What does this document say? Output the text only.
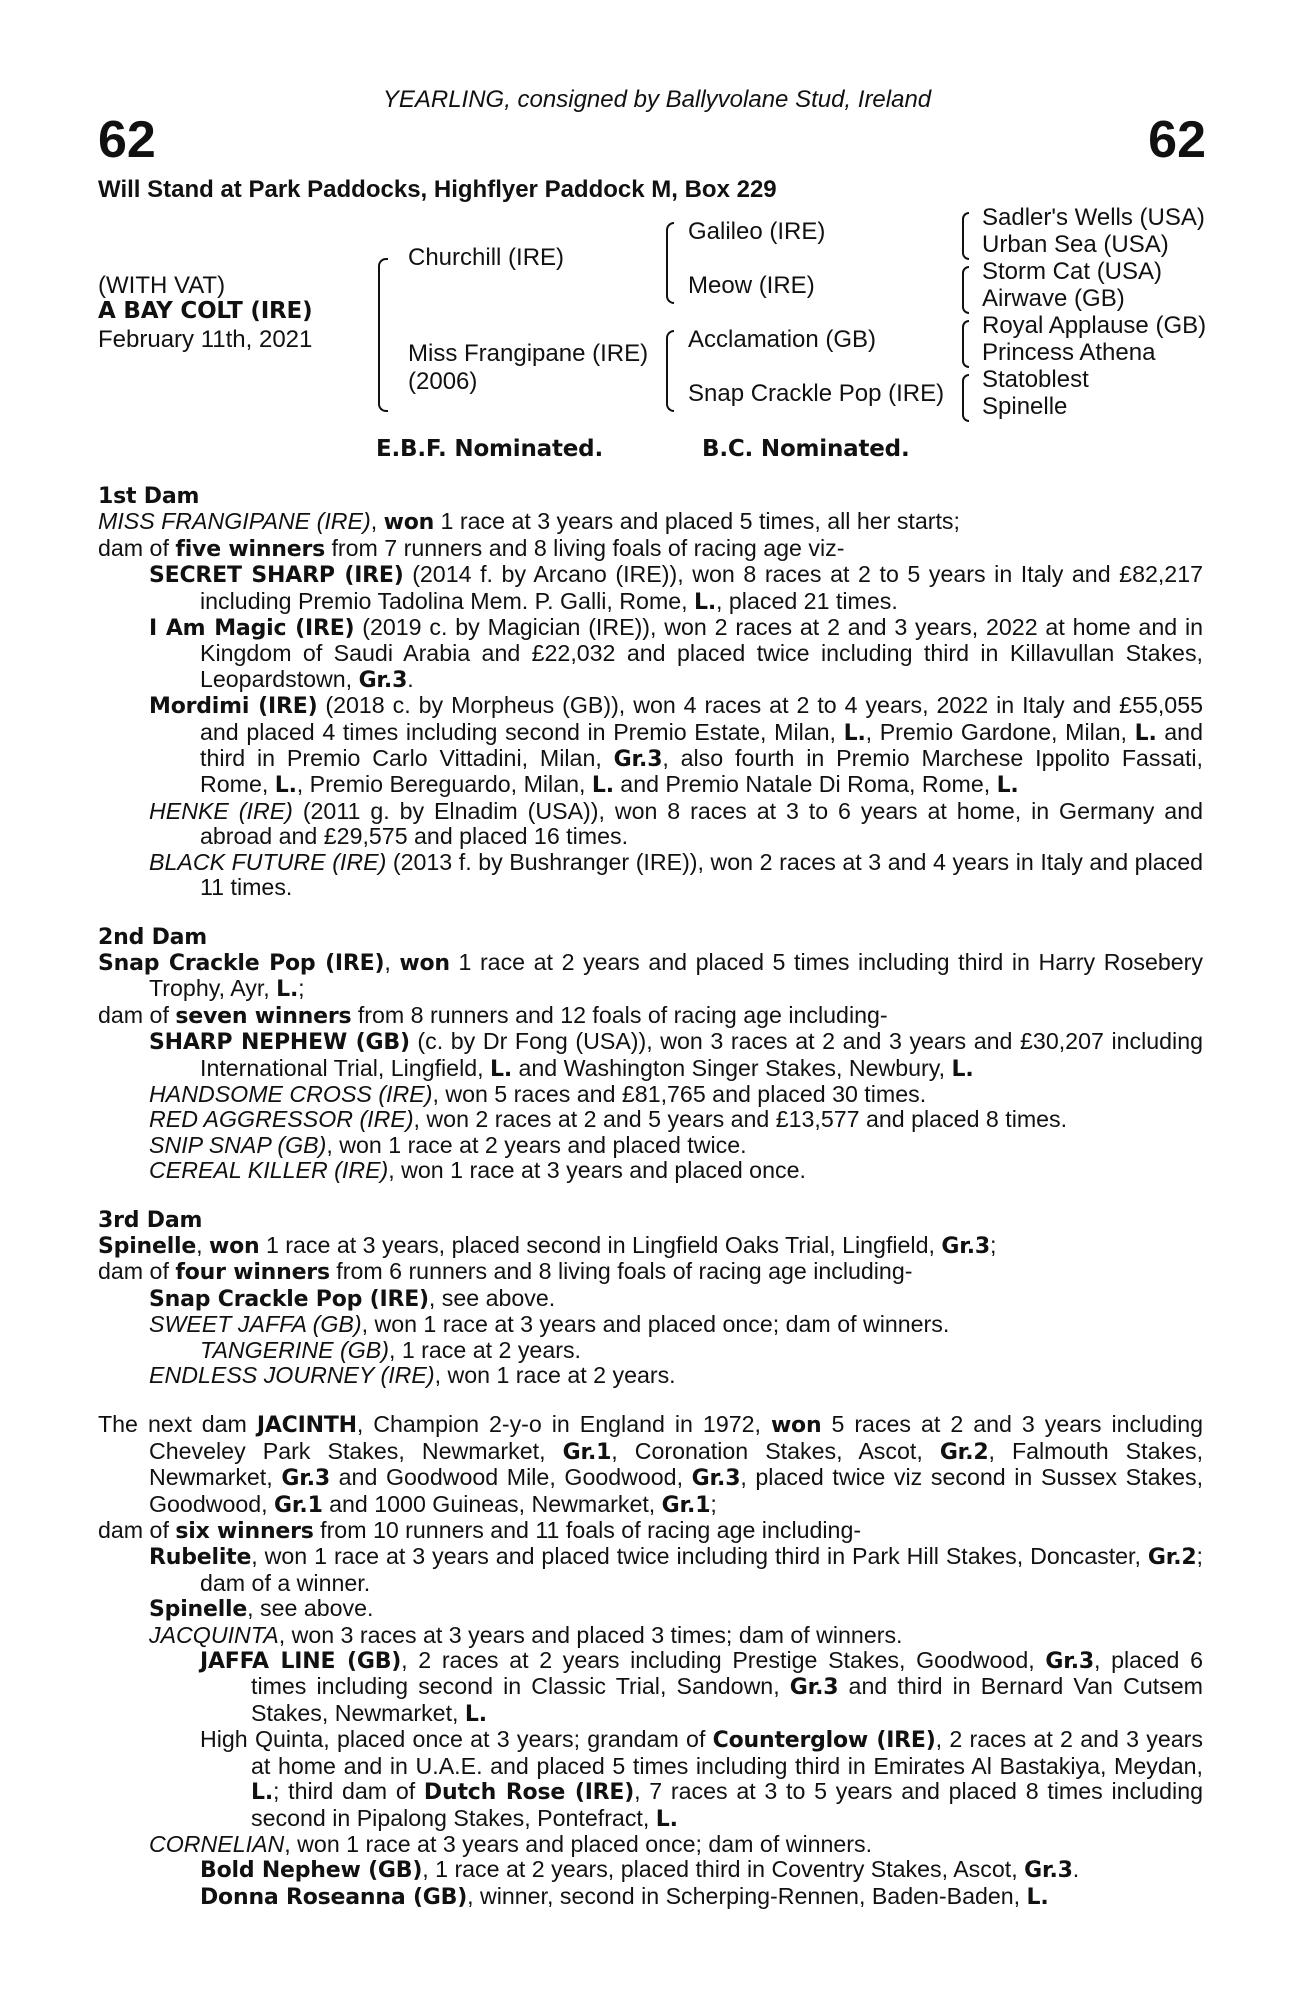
YEARLING, consigned by Ballyvolane Stud, Ireland
62	62
Will Stand at Park Paddocks, Highflyer Paddock M, Box 229
(WITH VAT)
A BAY COLT (IRE)
February 11th, 2021
Churchill (IRE)
Miss Frangipane (IRE)
(2006)
Galileo (IRE)
Meow (IRE)
Acclamation (GB)
Snap Crackle Pop (IRE)
Sadler's Wells (USA)
Urban Sea (USA)
Storm Cat (USA)
Airwave (GB)
Royal Applause (GB)
Princess Athena
Statoblest
Spinelle
E.B.F. Nominated.	B.C. Nominated.

1st Dam

MISS FRANGIPANE (IRE), won 1 race at 3 years and placed 5 times, all her starts;

dam of five winners from 7 runners and 8 living foals of racing age viz-

SECRET SHARP (IRE) (2014 f. by Arcano (IRE)), won 8 races at 2 to 5 years in Italy and £82,217 including Premio Tadolina Mem. P. Galli, Rome, L., placed 21 times.

I Am Magic (IRE) (2019 c. by Magician (IRE)), won 2 races at 2 and 3 years, 2022 at home and in Kingdom of Saudi Arabia and £22,032 and placed twice including third in Killavullan Stakes, Leopardstown, Gr.3.

Mordimi (IRE) (2018 c. by Morpheus (GB)), won 4 races at 2 to 4 years, 2022 in Italy and £55,055 and placed 4 times including second in Premio Estate, Milan, L., Premio Gardone, Milan, L. and third in Premio Carlo Vittadini, Milan, Gr.3, also fourth in Premio Marchese Ippolito Fassati, Rome, L., Premio Bereguardo, Milan, L. and Premio Natale Di Roma, Rome, L.

HENKE (IRE) (2011 g. by Elnadim (USA)), won 8 races at 3 to 6 years at home, in Germany and abroad and £29,575 and placed 16 times.

BLACK FUTURE (IRE) (2013 f. by Bushranger (IRE)), won 2 races at 3 and 4 years in Italy and placed 11 times.

2nd Dam

Snap Crackle Pop (IRE), won 1 race at 2 years and placed 5 times including third in Harry Rosebery Trophy, Ayr, L.;

dam of seven winners from 8 runners and 12 foals of racing age including-

SHARP NEPHEW (GB) (c. by Dr Fong (USA)), won 3 races at 2 and 3 years and £30,207 including International Trial, Lingfield, L. and Washington Singer Stakes, Newbury, L.

HANDSOME CROSS (IRE), won 5 races and £81,765 and placed 30 times.

RED AGGRESSOR (IRE), won 2 races at 2 and 5 years and £13,577 and placed 8 times.

SNIP SNAP (GB), won 1 race at 2 years and placed twice.

CEREAL KILLER (IRE), won 1 race at 3 years and placed once.

3rd Dam

Spinelle, won 1 race at 3 years, placed second in Lingfield Oaks Trial, Lingfield, Gr.3;

dam of four winners from 6 runners and 8 living foals of racing age including-

Snap Crackle Pop (IRE), see above.

SWEET JAFFA (GB), won 1 race at 3 years and placed once; dam of winners.

TANGERINE (GB), 1 race at 2 years.

ENDLESS JOURNEY (IRE), won 1 race at 2 years.

The next dam JACINTH, Champion 2-y-o in England in 1972, won 5 races at 2 and 3 years including Cheveley Park Stakes, Newmarket, Gr.1, Coronation Stakes, Ascot, Gr.2, Falmouth Stakes, Newmarket, Gr.3 and Goodwood Mile, Goodwood, Gr.3, placed twice viz second in Sussex Stakes, Goodwood, Gr.1 and 1000 Guineas, Newmarket, Gr.1;

dam of six winners from 10 runners and 11 foals of racing age including-

Rubelite, won 1 race at 3 years and placed twice including third in Park Hill Stakes, Doncaster, Gr.2; dam of a winner.

Spinelle, see above.

JACQUINTA, won 3 races at 3 years and placed 3 times; dam of winners.

JAFFA LINE (GB), 2 races at 2 years including Prestige Stakes, Goodwood, Gr.3, placed 6 times including second in Classic Trial, Sandown, Gr.3 and third in Bernard Van Cutsem Stakes, Newmarket, L.

High Quinta, placed once at 3 years; grandam of Counterglow (IRE), 2 races at 2 and 3 years at home and in U.A.E. and placed 5 times including third in Emirates Al Bastakiya, Meydan, L.; third dam of Dutch Rose (IRE), 7 races at 3 to 5 years and placed 8 times including second in Pipalong Stakes, Pontefract, L.

CORNELIAN, won 1 race at 3 years and placed once; dam of winners.

Bold Nephew (GB), 1 race at 2 years, placed third in Coventry Stakes, Ascot, Gr.3.

Donna Roseanna (GB), winner, second in Scherping-Rennen, Baden-Baden, L.
